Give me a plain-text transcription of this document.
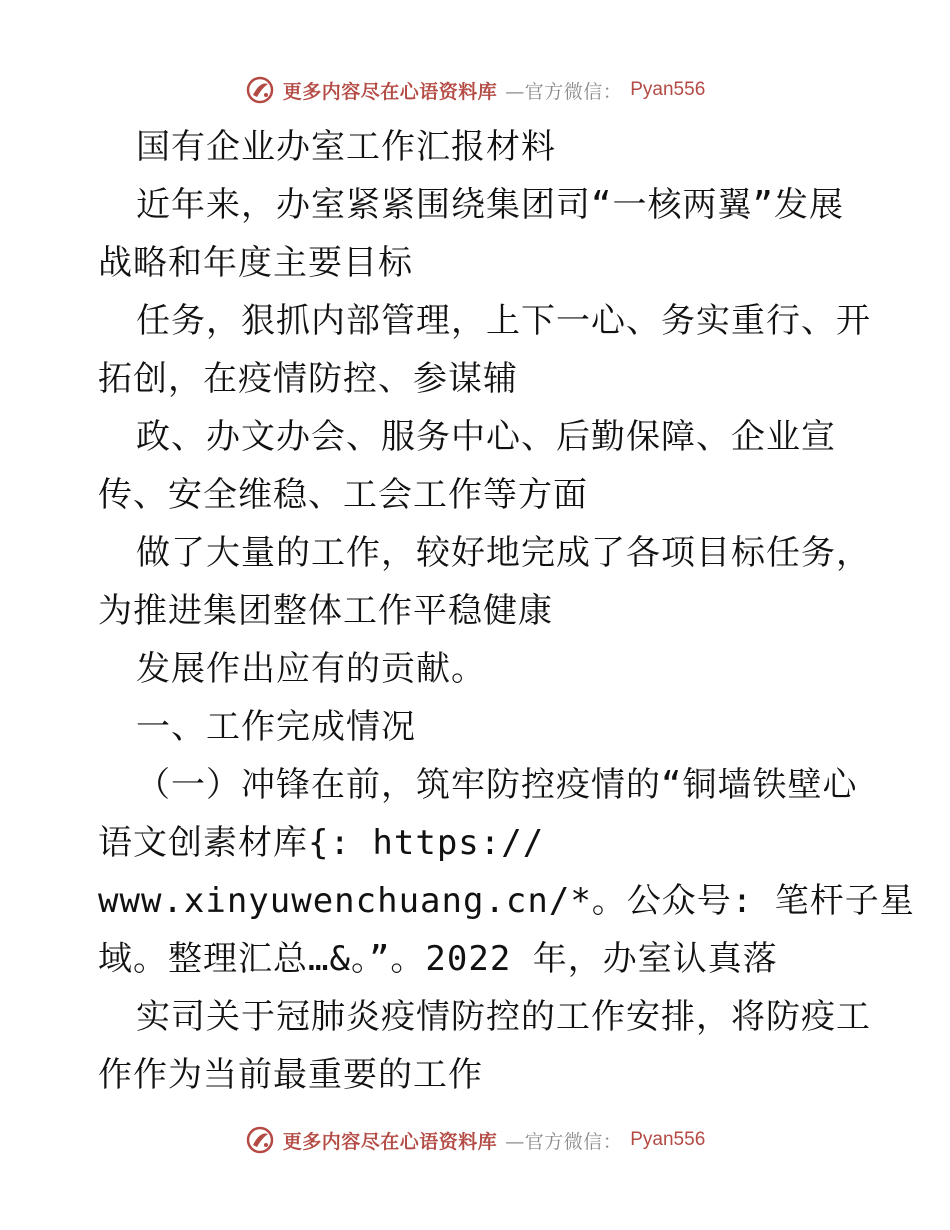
更多内容尽在心语资料库 —官方微信： Pyan556
国有企业办室工作汇报材料
近年来，办室紧紧围绕集团司“一核两翼”发展
战略和年度主要目标
任务，狠抓内部管理，上下一心、务实重行、开
拓创，在疫情防控、参谋辅
政、办文办会、服务中心、后勤保障、企业宣
传、安全维稳、工会工作等方面
做了大量的工作，较好地完成了各项目标任务，
为推进集团整体工作平稳健康
发展作出应有的贡献。
一、工作完成情况
（一）冲锋在前，筑牢防控疫情的“铜墙铁壁心
语文创素材库{: https://
www.xinyuwenchuang.cn/*。公众号: 笔杆子星
域。整理汇总…&。”。2022 年，办室认真落
实司关于冠肺炎疫情防控的工作安排，将防疫工
作作为当前最重要的工作
更多内容尽在心语资料库 —官方微信： Pyan556
